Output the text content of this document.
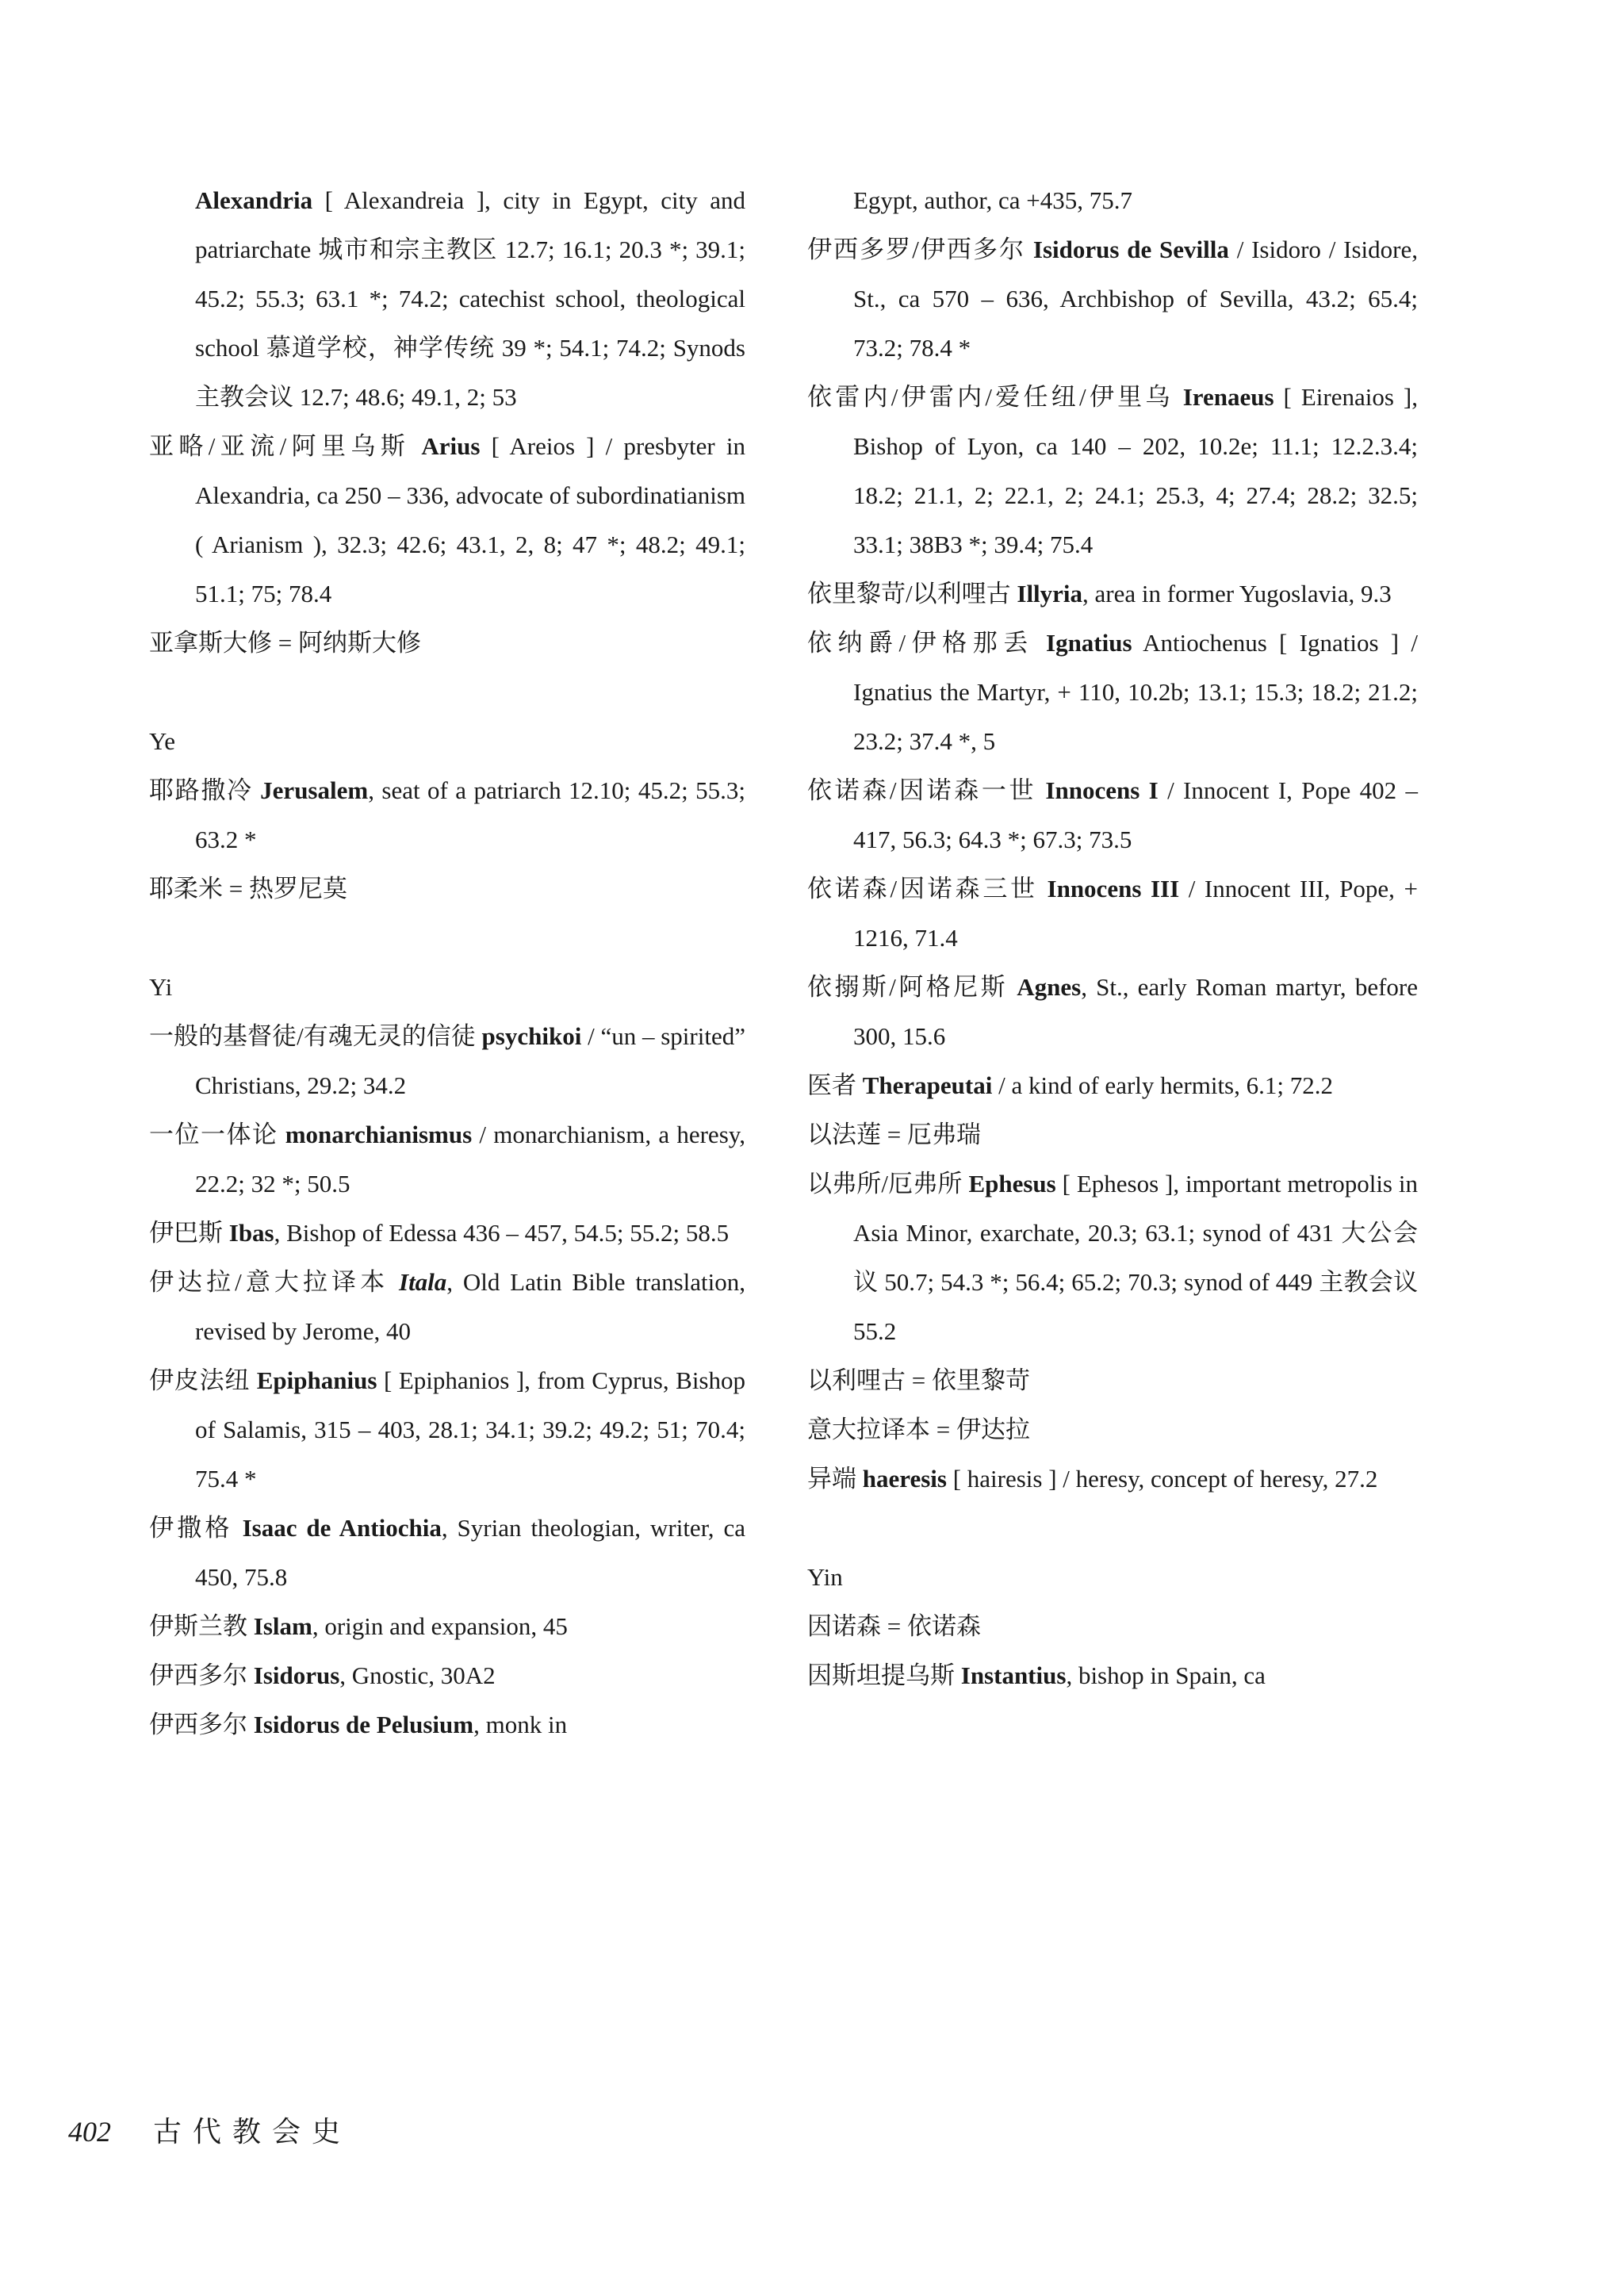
Alexandria [ Alexandreia ], city in Egypt, city and patriarchate 城市和宗主教区 12.7; 16.1; 20.3 *; 39.1; 45.2; 55.3; 63.1 *; 74.2; catechist school, theological school 慕道学校，神学传统 39 *; 54.1; 74.2; Synods 主教会议 12.7; 48.6; 49.1, 2; 53

亚略/亚流/阿里乌斯 Arius [ Areios ] / presbyter in Alexandria, ca 250 – 336, advocate of subordinatianism ( Arianism ), 32.3; 42.6; 43.1, 2, 8; 47 *; 48.2; 49.1; 51.1; 75; 78.4

亚拿斯大修 = 阿纳斯大修

Ye

耶路撒冷 Jerusalem, seat of a patriarch 12.10; 45.2; 55.3; 63.2 *

耶柔米 = 热罗尼莫

Yi

一般的基督徒/有魂无灵的信徒 psychikoi / “un – spirited” Christians, 29.2; 34.2

一位一体论 monarchianismus / monarchianism, a heresy, 22.2; 32 *; 50.5

伊巴斯 Ibas, Bishop of Edessa 436 – 457, 54.5; 55.2; 58.5

伊达拉/意大拉译本 Itala, Old Latin Bible translation, revised by Jerome, 40

伊皮法纽 Epiphanius [ Epiphanios ], from Cyprus, Bishop of Salamis, 315 – 403, 28.1; 34.1; 39.2; 49.2; 51; 70.4; 75.4 *

伊撒格 Isaac de Antiochia, Syrian theologian, writer, ca 450, 75.8

伊斯兰教 Islam, origin and expansion, 45

伊西多尔 Isidorus, Gnostic, 30A2

伊西多尔 Isidorus de Pelusium, monk in

Egypt, author, ca +435, 75.7

伊西多罗/伊西多尔 Isidorus de Sevilla / Isidoro / Isidore, St., ca 570 – 636, Archbishop of Sevilla, 43.2; 65.4; 73.2; 78.4 *

依雷内/伊雷内/爱任纽/伊里乌 Irenaeus [ Eirenaios ], Bishop of Lyon, ca 140 – 202, 10.2e; 11.1; 12.2.3.4; 18.2; 21.1, 2; 22.1, 2; 24.1; 25.3, 4; 27.4; 28.2; 32.5; 33.1; 38B3 *; 39.4; 75.4

依里黎苛/以利哩古 Illyria, area in former Yugoslavia, 9.3

依纳爵/伊格那丢 Ignatius Antiochenus [ Ignatios ] / Ignatius the Martyr, + 110, 10.2b; 13.1; 15.3; 18.2; 21.2; 23.2; 37.4 *, 5

依诺森/因诺森一世 Innocens I / Innocent I, Pope 402 – 417, 56.3; 64.3 *; 67.3; 73.5

依诺森/因诺森三世 Innocens III / Innocent III, Pope, + 1216, 71.4

依搦斯/阿格尼斯 Agnes, St., early Roman martyr, before 300, 15.6

医者 Therapeutai / a kind of early hermits, 6.1; 72.2

以法莲 = 厄弗瑞

以弗所/厄弗所 Ephesus [ Ephesos ], important metropolis in Asia Minor, exarchate, 20.3; 63.1; synod of 431 大公会议 50.7; 54.3 *; 56.4; 65.2; 70.3; synod of 449 主教会议 55.2

以利哩古 = 依里黎苛

意大拉译本 = 伊达拉

异端 haeresis [ hairesis ] / heresy, concept of heresy, 27.2

Yin

因诺森 = 依诺森

因斯坦提乌斯 Instantius, bishop in Spain, ca

402 古代教会史
